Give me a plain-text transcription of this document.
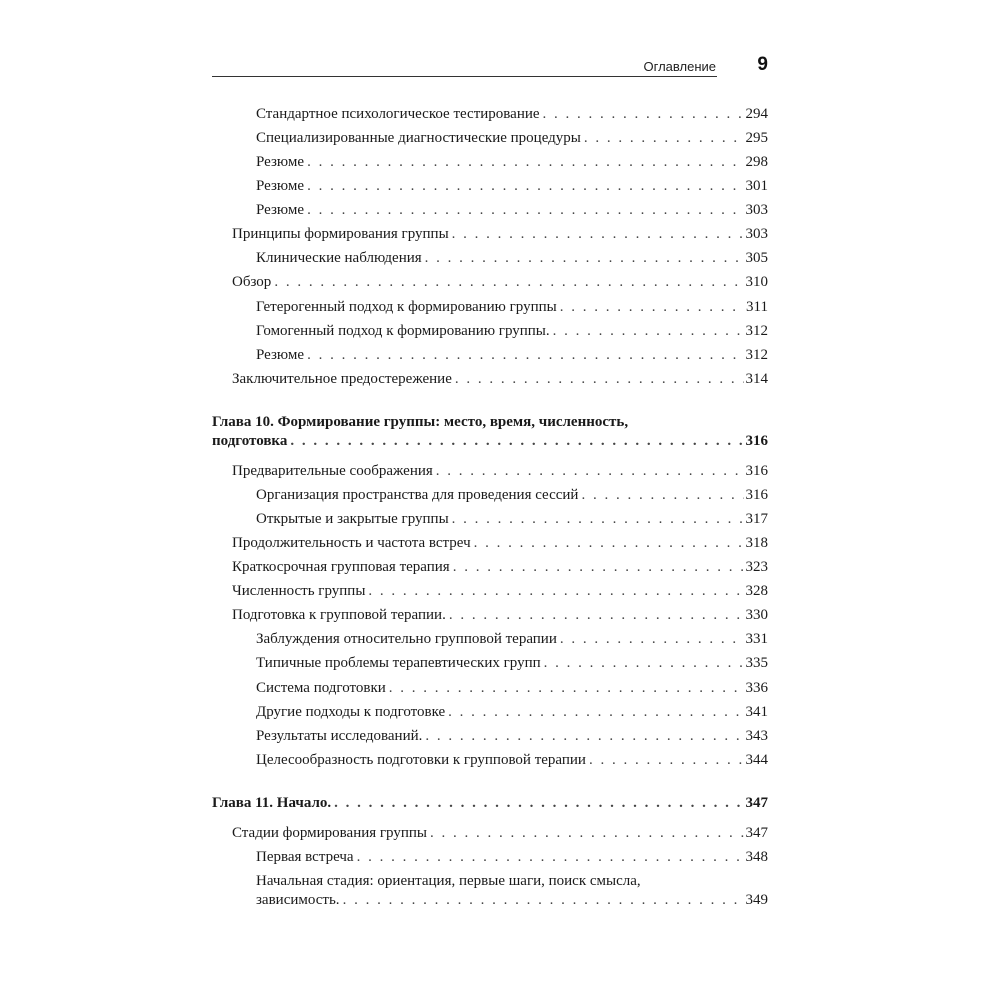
Оглавление 9
Стандартное психологическое тестирование . . .	294
Специализированные диагностические процедуры . . .	295
Резюме . . .	298
Резюме . . .	301
Резюме . . .	303
Принципы формирования группы . . .	303
Клинические наблюдения . . .	305
Обзор . . .	310
Гетерогенный подход к формированию группы . . .	311
Гомогенный подход к формированию группы. . . .	312
Резюме . . .	312
Заключительное предостережение . . .	314
Глава 10. Формирование группы: место, время, численность,
подготовка . . .	316
Предварительные соображения . . .	316
Организация пространства для проведения сессий . . .	316
Открытые и закрытые группы . . .	317
Продолжительность и частота встреч . . .	318
Краткосрочная групповая терапия . . .	323
Численность группы . . .	328
Подготовка к групповой терапии. . . .	330
Заблуждения относительно групповой терапии . . .	331
Типичные проблемы терапевтических групп . . .	335
Система подготовки . . .	336
Другие подходы к подготовке . . .	341
Результаты исследований. . . .	343
Целесообразность подготовки к групповой терапии . . .	344
Глава 11. Начало. . . .	347
Стадии формирования группы . . .	347
Первая встреча . . .	348
Начальная стадия: ориентация, первые шаги, поиск смысла,
зависимость. . . .	349
